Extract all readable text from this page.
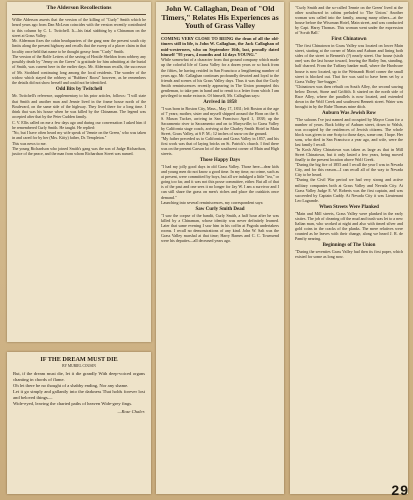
The Alderson Recollections

Willie Alderson asserts that the version of the killing of "Curly" Smith which he heard years ago from Dan McLean coincides with the version recently contributed to this column by C. L. Twitchell. It—his fatal stabbing by a Chinaman on the street at Grass Valley.

Mr. Alderman fixes the cabin headquarters of the gang near the present south city limits along the present highway and recalls that the sweep of a placer claim in that locality once held that name to be thought greasy from "Curly" Smith.

The version of the Rolfe Letters of the saving of Hostile Sheldon from robbery any possibly death by "Jenny on the Green" is gratitude for him admitting at the burial of Smith, was current here in the earlier days. Mr. Alderman recalls, the successor of Mr. Stoddard continuing long among the local residents. The wonder of the widow which stayed the robbery at "Rubbers' Roost" however, as he remembers the details did not show herself and could not be identified.

Odd Bits by Twitchell

Mr. Twitchell's reference, supplementary to his prior articles, follows: "I will state that Smith and another man and Jennie lived in the frame house north of the Boulevard, on the same side of the highway. They lived there for a long time. I think that was his house when he was killed by the Chinaman. The legend was accepted after that by the Peter Cudden family.

C. V. Ellis called on me a few days ago and during our conversation I asked him if he remembered Curly Smith. He taught. He replied:

"No, but I have often heard my wife speak of 'Jennie on the Green,' who was taken in and cared for by her (Mrs. Kitty) father, Dr. Templeton."

This was news to me.

The young Richardson who joined Smith's gang was the son of Judge Richardson, justice of the peace, and the man from whom Richardson Street was named.

IF THE DREAM MUST DIE
BY MURIEL COUSIN

But, if the dream must die, let it die grandly With deep-voiced organs chanting in chords of flame.

Oh let there be no thought of a shabby ending, Nor any shame.

Let it go simply and gallantly into the darkness That holds forever lost and beloved things—

Wide-eyed, leaving the charted paths of heaven Wide-grey fings.

—Rose Chaler.

John W. Callaghan, Dean of "Old Timers," Relates His Experiences as Youth of Grass Valley

COMING VERY CLOSE TO BEING the dean of all the old-timers still in life, is John W. Callaghan, the Jack Callaghan of mid-westerners, who on September 16th, last, proudly dated himself "95 years, 4 months and 14 days YOUNG."

While somewhat of a character from that ground company which made up the colorful life of Grass Valley for a dozen years or so back from the fifties, he having resided in San Francisco a lengthening number of years ago. Mr. Callaghan continues profoundly devoted and loyal to the friends and scenes of his Grass Valley days. Thus it was that the Curly Smith reminiscences recently appearing in The Union prompted this gentleman, to take pen in hand and to remit to a letter from which I am privileged to make extracts. Of himself, Mr. Callaghan says:

Arrived in 1858

"I was born in Boston City, Mass., May 17, 1831; left Boston at the age of 7 years; mother, sister and myself shipped around the Horn on the S. S. Mason Tucker, arriving in San Francisco April 1, 1838; up the Sacramento river to Sacramento and on to Marysville; to Grass Valley by California stage coach, arriving at the Charley Smith Hotel in Main Street, Grass Valley, at 6 P. M.; 12 inches of snow on the ground.

"My father preceded us to California and Grass Valley in 1857, and his first work was that of laying bricks on St. Patrick's church. I find there was on the present Carson lot of the southwest corner of Main and High streets.

Those Happy Days

"I had my jolly good days in old Grass Valley. Those here—dear kids and young men do not know a good time. In my time, no crime, such as at present, were committed by boys, but all we indulged a little "tea," or going too far, and it was not this posse committee, either. But all of that is of the past and one sees it no longer for Jay W. I am a survivor and I can still share the grass on men's riches and place the outskirts once demand."

Launching into several reminiscences, my correspondent says:

Saw Curly Smith Dead

"I saw the corpse of the bandit, Curly Smith, a half hour after he was killed by a Chinaman, whose identity was never definitely learned. Later that same evening I saw him in his coffin at Pagoda undertakers rooms. I recall no demonstrations of any kind. John W. Salt was the Grass Valley marshal at that time; Harry Barnes and C. C. Townsend were his deputies—all deceased years ago.

"Curly Smith and the so-called 'Jennie on the Green' lived at the other southward in cabins preluded to 'The Union.' Another woman was called into the family, among many others—at the house before the Wiscman Hotel, Main street, and was conducted by Capt. Harry Thomas. This woman went under the expression of 'Scrub Ball.'

First Chinatown

"The first Chinatown in Grass Valley was located on lower Main street, starting at the corner of Main and Auburn and lining both sides of the street to Bennett's (?) nearly street. Our house (sixth one) was the last house toward, leaving the Bailey Inn, standing, half charred. From the Tuffany banker mall, where the Hardware house is now located, up to the Weinandt Hotel corner the small street is blocked out. That fire was said to have been set by a Grass Valley 'fire-bugger.'

"Chinatown was then rebuilt on South Alley, the second sawing below Dorset, Stone and Griffith. It started on the north side of Race Alley, where the parallels is now located, and extended down in the Wolf Creek and southwest Bennett street. Water was brought in by the Rube Thomas mine ditch.

Auburn Was Jewish Row

"The saloons I've just named and occupied by Mayor Coan for a number of years. Back lobby of Auburn street, down to Walsh, was occupied by the residences of Jewish citizens. The whole block was given to one Scrip to those days, some one, I hope. Her sons, who died in San Francisco a year ago, and wife, were the last family I recall.

"In Kosh Alley Chinatown was taken as large as that in Mill Street Chinatown, but it only lasted a few years, being moved finally to the present location above Wolf Creek.

"During the big fire of 1855 and I recall the year I was in Nevada City, and for this reason—I can recall all of the way to Nevada City to be heard.

"During the Civil War period we had very strong and active military companies both at Grass Valley and Nevada City. At Grass Valley Judge E. W. Roberts was the first captain, and was succeeded by Captain Caddy. At Nevada City it was Lieutenant Leo Lagrande.

When Streets Were Planked

"Main and Mill streets, Grass Valley were planked in the early sixties. The job of cleaning off the mud and trash was let to a new Italian man, who worked at night and also with timed silver and gold coins in the cracks of the planks. The mere relatives were counted as he leaves with their change, along we heard J. R. de Pamfiy nearing.

Beginnings of The Union

"During the seventies Grass Valley had then its first paper, which existed for some as long now.

29
